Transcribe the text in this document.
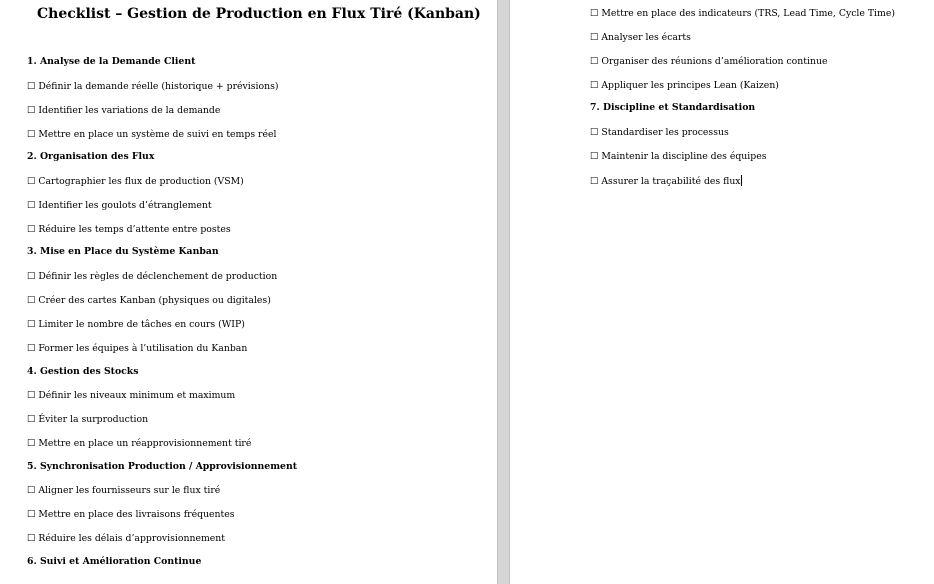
Checklist – Gestion de Production en Flux Tiré (Kanban)
1. Analyse de la Demande Client
☐ Définir la demande réelle (historique + prévisions)
☐ Identifier les variations de la demande
☐ Mettre en place un système de suivi en temps réel
2. Organisation des Flux
☐ Cartographier les flux de production (VSM)
☐ Identifier les goulots d’étranglement
☐ Réduire les temps d’attente entre postes
3. Mise en Place du Système Kanban
☐ Définir les règles de déclenchement de production
☐ Créer des cartes Kanban (physiques ou digitales)
☐ Limiter le nombre de tâches en cours (WIP)
☐ Former les équipes à l’utilisation du Kanban
4. Gestion des Stocks
☐ Définir les niveaux minimum et maximum
☐ Éviter la surproduction
☐ Mettre en place un réapprovisionnement tiré
5. Synchronisation Production / Approvisionnement
☐ Aligner les fournisseurs sur le flux tiré
☐ Mettre en place des livraisons fréquentes
☐ Réduire les délais d’approvisionnement
6. Suivi et Amélioration Continue
☐ Mettre en place des indicateurs (TRS, Lead Time, Cycle Time)
☐ Analyser les écarts
☐ Organiser des réunions d’amélioration continue
☐ Appliquer les principes Lean (Kaizen)
7. Discipline et Standardisation
☐ Standardiser les processus
☐ Maintenir la discipline des équipes
☐ Assurer la traçabilité des flux
